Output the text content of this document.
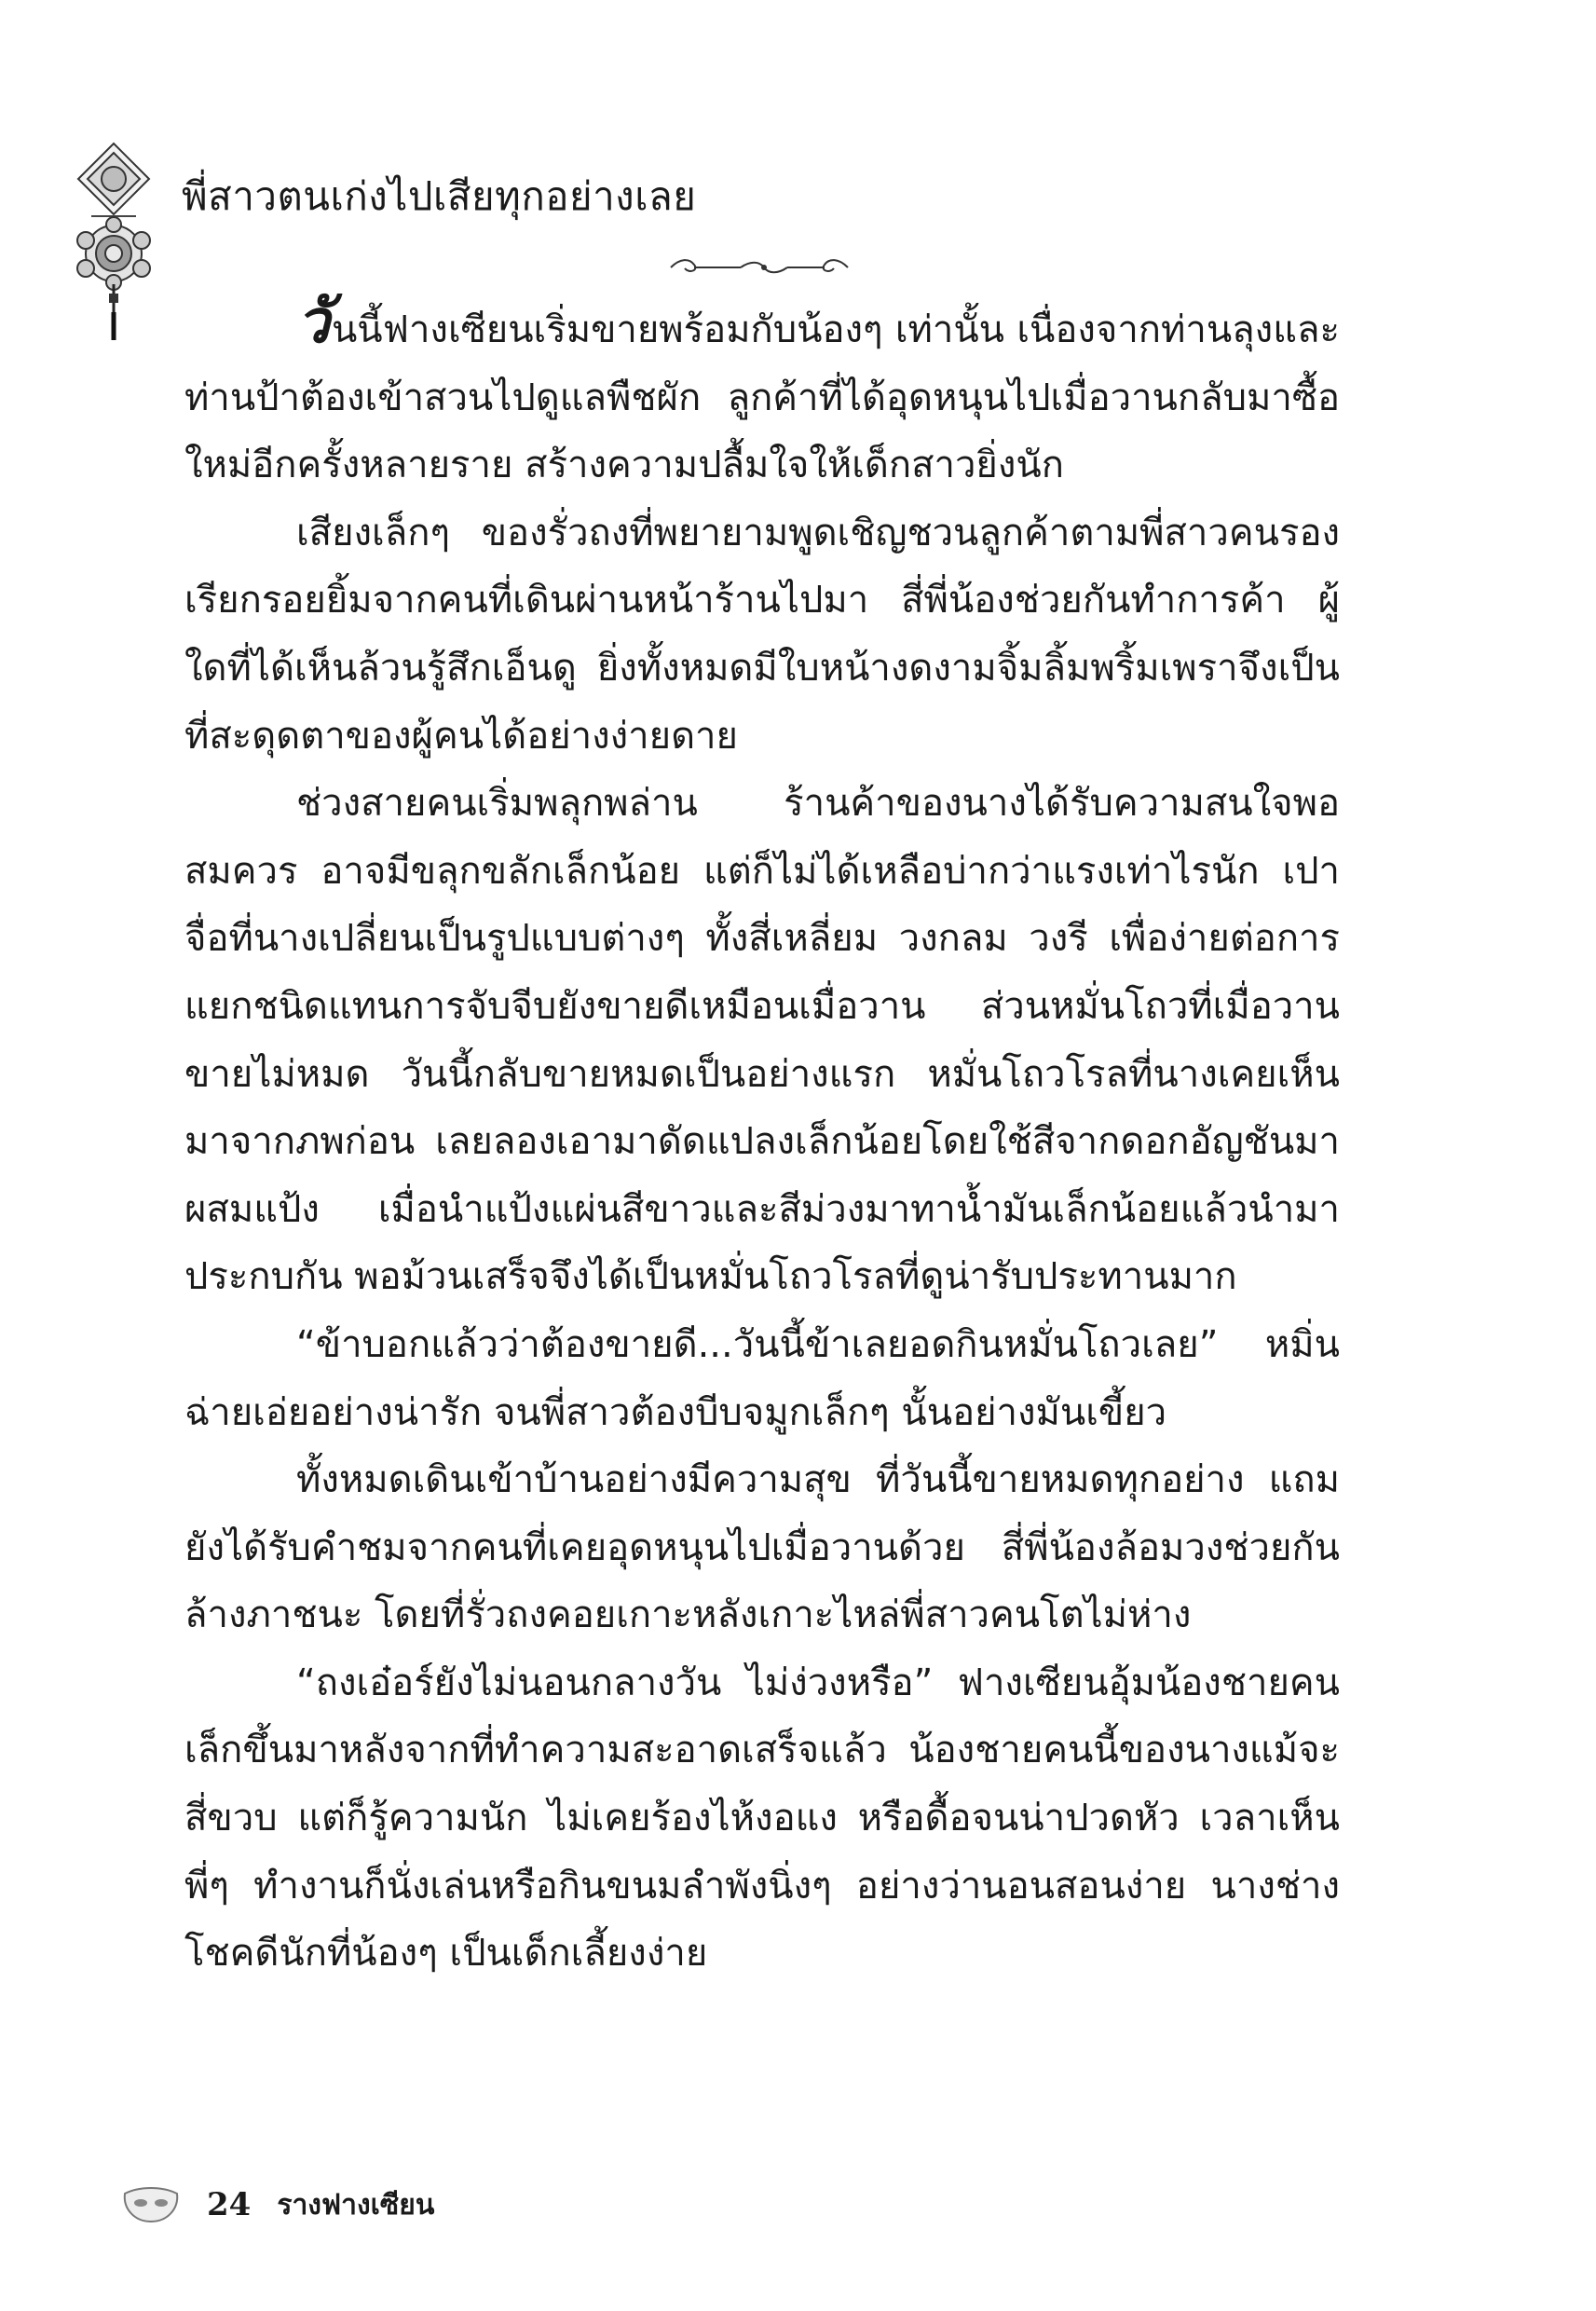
พี่สาวตนเก่งไปเสียทุกอย่างเลย

วันนี้ฟางเซียนเริ่มขายพร้อมกับน้องๆ เท่านั้น เนื่องจากท่านลุงและท่านป้าต้องเข้าสวนไปดูแลพืชผัก ลูกค้าที่ได้อุดหนุนไปเมื่อวานกลับมาซื้อใหม่อีกครั้งหลายราย สร้างความปลื้มใจให้เด็กสาวยิ่งนัก

เสียงเล็กๆ ของรั่วถงที่พยายามพูดเชิญชวนลูกค้าตามพี่สาวคนรองเรียกรอยยิ้มจากคนที่เดินผ่านหน้าร้านไปมา สี่พี่น้องช่วยกันทำการค้า ผู้ใดที่ได้เห็นล้วนรู้สึกเอ็นดู ยิ่งทั้งหมดมีใบหน้างดงามจิ้มลิ้มพริ้มเพราจึงเป็นที่สะดุดตาของผู้คนได้อย่างง่ายดาย

ช่วงสายคนเริ่มพลุกพล่าน ร้านค้าของนางได้รับความสนใจพอสมควร อาจมีขลุกขลักเล็กน้อย แต่ก็ไม่ได้เหลือบ่ากว่าแรงเท่าไรนัก เปาจื่อที่นางเปลี่ยนเป็นรูปแบบต่างๆ ทั้งสี่เหลี่ยม วงกลม วงรี เพื่อง่ายต่อการแยกชนิดแทนการจับจีบยังขายดีเหมือนเมื่อวาน ส่วนหมั่นโถวที่เมื่อวานขายไม่หมด วันนี้กลับขายหมดเป็นอย่างแรก หมั่นโถวโรลที่นางเคยเห็นมาจากภพก่อน เลยลองเอามาดัดแปลงเล็กน้อยโดยใช้สีจากดอกอัญชันมาผสมแป้ง เมื่อนำแป้งแผ่นสีขาวและสีม่วงมาทาน้ำมันเล็กน้อยแล้วนำมาประกบกัน พอม้วนเสร็จจึงได้เป็นหมั่นโถวโรลที่ดูน่ารับประทานมาก

“ข้าบอกแล้วว่าต้องขายดี...วันนี้ข้าเลยอดกินหมั่นโถวเลย” หมิ่นฉ่ายเอ่ยอย่างน่ารัก จนพี่สาวต้องบีบจมูกเล็กๆ นั้นอย่างมันเขี้ยว

ทั้งหมดเดินเข้าบ้านอย่างมีความสุข ที่วันนี้ขายหมดทุกอย่าง แถมยังได้รับคำชมจากคนที่เคยอุดหนุนไปเมื่อวานด้วย สี่พี่น้องล้อมวงช่วยกันล้างภาชนะ โดยที่รั่วถงคอยเกาะหลังเกาะไหล่พี่สาวคนโตไม่ห่าง

“ถงเอ๋อร์ยังไม่นอนกลางวัน ไม่ง่วงหรือ” ฟางเซียนอุ้มน้องชายคนเล็กขึ้นมาหลังจากที่ทำความสะอาดเสร็จแล้ว น้องชายคนนี้ของนางแม้จะสี่ขวบ แต่ก็รู้ความนัก ไม่เคยร้องไห้งอแง หรือดื้อจนน่าปวดหัว เวลาเห็นพี่ๆ ทำงานก็นั่งเล่นหรือกินขนมลำพังนิ่งๆ อย่างว่านอนสอนง่าย นางช่างโชคดีนักที่น้องๆ เป็นเด็กเลี้ยงง่าย

24 รางฟางเซียน
